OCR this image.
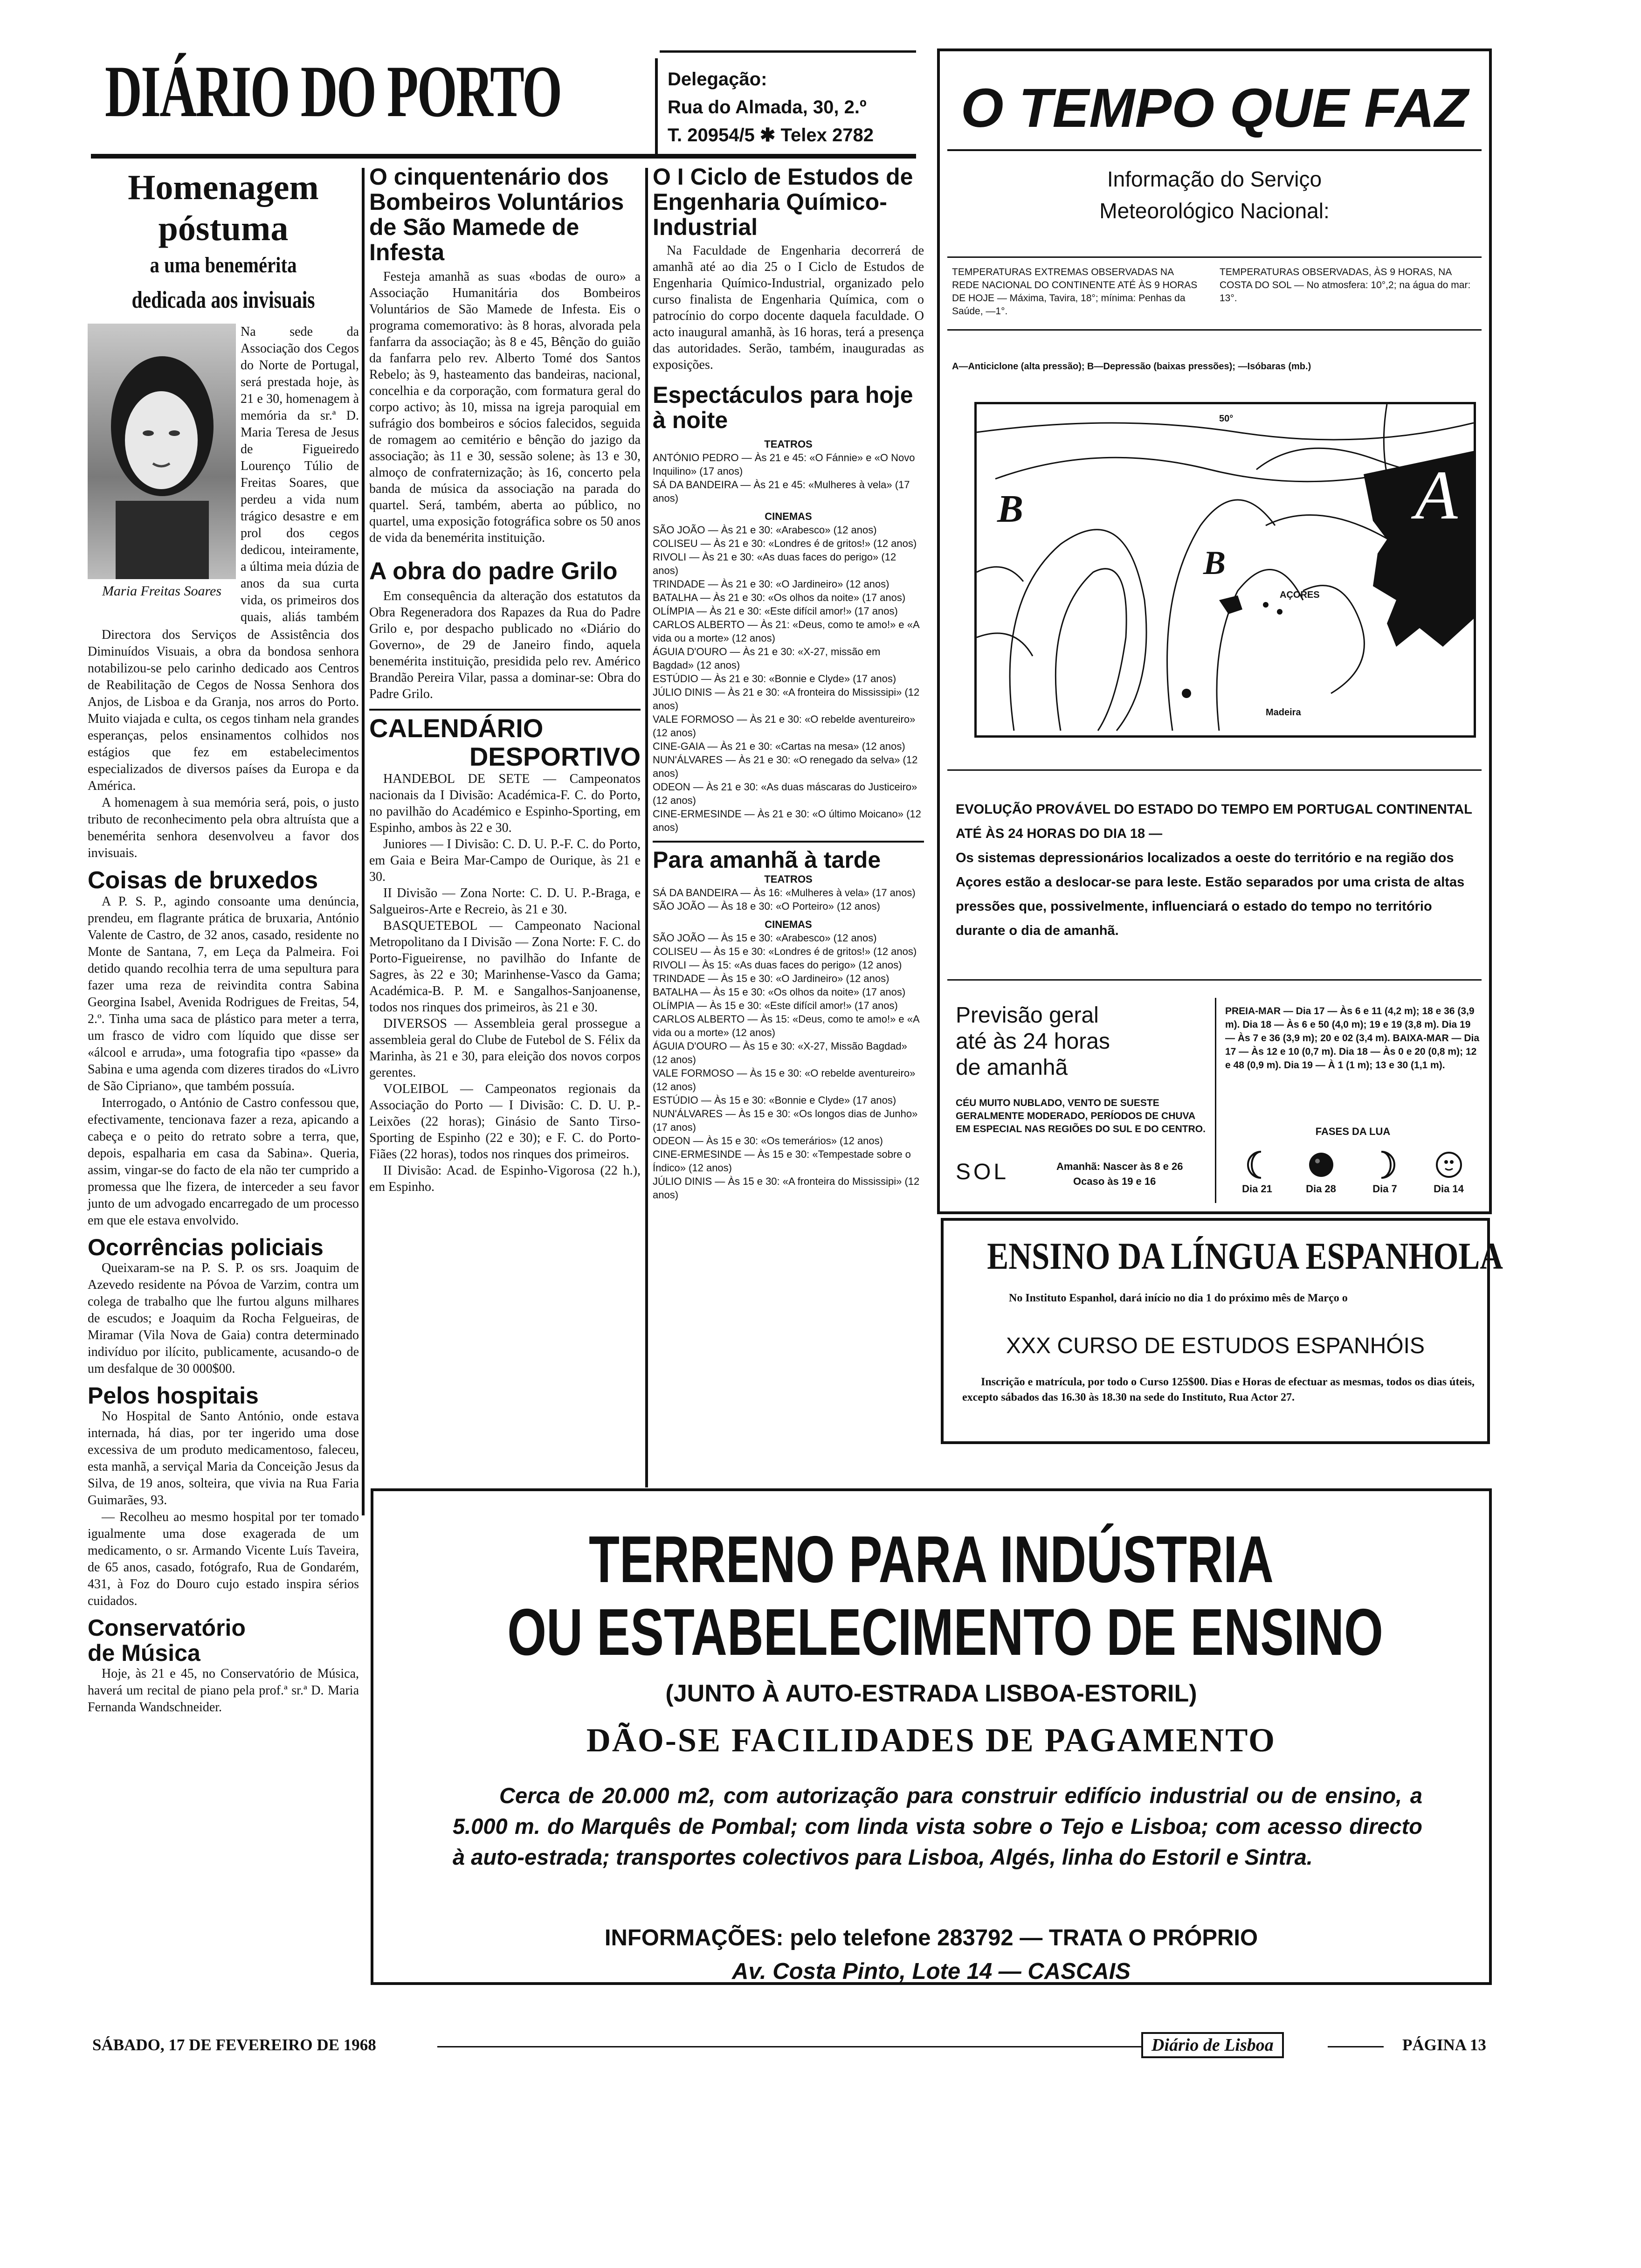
DIÁRIO DO PORTO	Delegação:
Rua do Almada, 30, 2.º
T. 20954/5 ✱ Telex 2782
Homenagem
póstuma
a uma benemérita
dedicada aos invisuais
Maria Freitas Soares

Na sede da Associação dos Cegos do Norte de Portugal, será prestada hoje, às 21 e 30, homenagem à memória da sr.ª D. Maria Teresa de Jesus de Figueiredo Lourenço Túlio de Freitas Soares, que perdeu a vida num trágico desastre e em prol dos cegos dedicou, inteiramente, a última meia dúzia de anos da sua curta vida, os primeiros dos quais, aliás também

Directora dos Serviços de Assistência dos Diminuídos Visuais, a obra da bondosa senhora notabilizou-se pelo carinho dedicado aos Centros de Reabilitação de Cegos de Nossa Senhora dos Anjos, de Lisboa e da Granja, nos arros do Porto. Muito viajada e culta, os cegos tinham nela grandes esperanças, pelos ensinamentos colhidos nos estágios que fez em estabelecimentos especializados de diversos países da Europa e da América.

A homenagem à sua memória será, pois, o justo tributo de reconhecimento pela obra altruísta que a benemérita senhora desenvolveu a favor dos invisuais.

Coisas de bruxedos

A P. S. P., agindo consoante uma denúncia, prendeu, em flagrante prática de bruxaria, António Valente de Castro, de 32 anos, casado, residente no Monte de Santana, 7, em Leça da Palmeira. Foi detido quando recolhia terra de uma sepultura para fazer uma reza de reivindita contra Sabina Georgina Isabel, Avenida Rodrigues de Freitas, 54, 2.º. Tinha uma saca de plástico para meter a terra, um frasco de vidro com líquido que disse ser «álcool e arruda», uma fotografia tipo «passe» da Sabina e uma agenda com dizeres tirados do «Livro de São Cipriano», que também possuía.

Interrogado, o António de Castro confessou que, efectivamente, tencionava fazer a reza, apicando a cabeça e o peito do retrato sobre a terra, que, depois, espalharia em casa da Sabina». Queria, assim, vingar-se do facto de ela não ter cumprido a promessa que lhe fizera, de interceder a seu favor junto de um advogado encarregado de um processo em que ele estava envolvido.

Ocorrências policiais

Queixaram-se na P. S. P. os srs. Joaquim de Azevedo residente na Póvoa de Varzim, contra um colega de trabalho que lhe furtou alguns milhares de escudos; e Joaquim da Rocha Felgueiras, de Miramar (Vila Nova de Gaia) contra determinado indivíduo por ilícito, publicamente, acusando-o de um desfalque de 30 000$00.

Pelos hospitais

No Hospital de Santo António, onde estava internada, há dias, por ter ingerido uma dose excessiva de um produto medicamentoso, faleceu, esta manhã, a serviçal Maria da Conceição Jesus da Silva, de 19 anos, solteira, que vivia na Rua Faria Guimarães, 93.

— Recolheu ao mesmo hospital por ter tomado igualmente uma dose exagerada de um medicamento, o sr. Armando Vicente Luís Taveira, de 65 anos, casado, fotógrafo, Rua de Gondarém, 431, à Foz do Douro cujo estado inspira sérios cuidados.

Conservatório
de Música

Hoje, às 21 e 45, no Conservatório de Música, haverá um recital de piano pela prof.ª sr.ª D. Maria Fernanda Wandschneider.

O cinquentenário dos Bombeiros Voluntários de São Mamede de Infesta

Festeja amanhã as suas «bodas de ouro» a Associação Humanitária dos Bombeiros Voluntários de São Mamede de Infesta. Eis o programa comemorativo: às 8 horas, alvorada pela fanfarra da associação; às 8 e 45, Bênção do guião da fanfarra pelo rev. Alberto Tomé dos Santos Rebelo; às 9, hasteamento das bandeiras, nacional, concelhia e da corporação, com formatura geral do corpo activo; às 10, missa na igreja paroquial em sufrágio dos bombeiros e sócios falecidos, seguida de romagem ao cemitério e bênção do jazigo da associação; às 11 e 30, sessão solene; às 13 e 30, almoço de confraternização; às 16, concerto pela banda de música da associação na parada do quartel. Será, também, aberta ao público, no quartel, uma exposição fotográfica sobre os 50 anos de vida da benemérita instituição.

A obra do padre Grilo

Em consequência da alteração dos estatutos da Obra Regeneradora dos Rapazes da Rua do Padre Grilo e, por despacho publicado no «Diário do Governo», de 29 de Janeiro findo, aquela benemérita instituição, presidida pelo rev. Américo Brandão Pereira Vilar, passa a dominar-se: Obra do Padre Grilo.

CALENDÁRIO
DESPORTIVO

HANDEBOL DE SETE — Campeonatos nacionais da I Divisão: Académica-F. C. do Porto, no pavilhão do Académico e Espinho-Sporting, em Espinho, ambos às 22 e 30.

Juniores — I Divisão: C. D. U. P.-F. C. do Porto, em Gaia e Beira Mar-Campo de Ourique, às 21 e 30.

II Divisão — Zona Norte: C. D. U. P.-Braga, e Salgueiros-Arte e Recreio, às 21 e 30.

BASQUETEBOL — Campeonato Nacional Metropolitano da I Divisão — Zona Norte: F. C. do Porto-Figueirense, no pavilhão do Infante de Sagres, às 22 e 30; Marinhense-Vasco da Gama; Académica-B. P. M. e Sangalhos-Sanjoanense, todos nos rinques dos primeiros, às 21 e 30.

DIVERSOS — Assembleia geral prossegue a assembleia geral do Clube de Futebol de S. Félix da Marinha, às 21 e 30, para eleição dos novos corpos gerentes.

VOLEIBOL — Campeonatos regionais da Associação do Porto — I Divisão: C. D. U. P.-Leixões (22 horas); Ginásio de Santo Tirso-Sporting de Espinho (22 e 30); e F. C. do Porto-Fiães (22 horas), todos nos rinques dos primeiros.

II Divisão: Acad. de Espinho-Vigorosa (22 h.), em Espinho.

O I Ciclo de Estudos de Engenharia Químico-Industrial

Na Faculdade de Engenharia decorrerá de amanhã até ao dia 25 o I Ciclo de Estudos de Engenharia Químico-Industrial, organizado pelo curso finalista de Engenharia Química, com o patrocínio do corpo docente daquela faculdade. O acto inaugural amanhã, às 16 horas, terá a presença das autoridades. Serão, também, inauguradas as exposições.

Espectáculos para hoje à noite
TEATROS

ANTÓNIO PEDRO — Às 21 e 45: «O Fánnie» e «O Novo Inquilino» (17 anos)

SÁ DA BANDEIRA — Às 21 e 45: «Mulheres à vela» (17 anos)

CINEMAS

SÃO JOÃO — Às 21 e 30: «Arabesco» (12 anos)

COLISEU — Às 21 e 30: «Londres é de gritos!» (12 anos)

RIVOLI — Às 21 e 30: «As duas faces do perigo» (12 anos)

TRINDADE — Às 21 e 30: «O Jardineiro» (12 anos)

BATALHA — Às 21 e 30: «Os olhos da noite» (17 anos)

OLÍMPIA — Às 21 e 30: «Este difícil amor!» (17 anos)

CARLOS ALBERTO — Às 21: «Deus, como te amo!» e «A vida ou a morte» (12 anos)

ÁGUIA D'OURO — Às 21 e 30: «X-27, missão em Bagdad» (12 anos)

ESTÚDIO — Às 21 e 30: «Bonnie e Clyde» (17 anos)

JÚLIO DINIS — Às 21 e 30: «A fronteira do Mississipi» (12 anos)

VALE FORMOSO — Às 21 e 30: «O rebelde aventureiro» (12 anos)

CINE-GAIA — Às 21 e 30: «Cartas na mesa» (12 anos)

NUN'ÁLVARES — Às 21 e 30: «O renegado da selva» (12 anos)

ODEON — Às 21 e 30: «As duas máscaras do Justiceiro» (12 anos)

CINE-ERMESINDE — Às 21 e 30: «O último Moicano» (12 anos)

Para amanhã à tarde
TEATROS

SÁ DA BANDEIRA — Às 16: «Mulheres à vela» (17 anos)

SÃO JOÃO — Às 18 e 30: «O Porteiro» (12 anos)

CINEMAS

SÃO JOÃO — Às 15 e 30: «Arabesco» (12 anos)

COLISEU — Às 15 e 30: «Londres é de gritos!» (12 anos)

RIVOLI — Às 15: «As duas faces do perigo» (12 anos)

TRINDADE — Às 15 e 30: «O Jardineiro» (12 anos)

BATALHA — Às 15 e 30: «Os olhos da noite» (17 anos)

OLÍMPIA — Às 15 e 30: «Este difícil amor!» (17 anos)

CARLOS ALBERTO — Às 15: «Deus, como te amo!» e «A vida ou a morte» (12 anos)

ÁGUIA D'OURO — Às 15 e 30: «X-27, Missão Bagdad» (12 anos)

VALE FORMOSO — Às 15 e 30: «O rebelde aventureiro» (12 anos)

ESTÚDIO — Às 15 e 30: «Bonnie e Clyde» (17 anos)

NUN'ÁLVARES — Às 15 e 30: «Os longos dias de Junho» (17 anos)

ODEON — Às 15 e 30: «Os temerários» (12 anos)

CINE-ERMESINDE — Às 15 e 30: «Tempestade sobre o Índico» (12 anos)

JÚLIO DINIS — Às 15 e 30: «A fronteira do Mississipi» (12 anos)

O TEMPO QUE FAZ
Informação do Serviço
Meteorológico Nacional:

TEMPERATURAS EXTREMAS OBSERVADAS NA REDE NACIONAL DO CONTINENTE ATÉ ÀS 9 HORAS DE HOJE — Máxima, Tavira, 18°; mínima: Penhas da Saúde, —1°.

TEMPERATURAS OBSERVADAS, ÀS 9 HORAS, NA COSTA DO SOL — No atmosfera: 10°,2; na água do mar: 13°.

A—Anticiclone (alta pressão); B—Depressão (baixas pressões); —Isóbaras (mb.)

A
B
B
AÇORES
Madeira
50°

EVOLUÇÃO PROVÁVEL DO ESTADO DO TEMPO EM PORTUGAL CONTINENTAL ATÉ ÀS 24 HORAS DO DIA 18 —

Os sistemas depressionários localizados a oeste do território e na região dos Açores estão a deslocar-se para leste. Estão separados por uma crista de altas pressões que, possivelmente, influenciará o estado do tempo no território durante o dia de amanhã.

Previsão geral até às 24 horas de amanhã

CÉU MUITO NUBLADO, VENTO DE SUESTE GERALMENTE MODERADO, PERÍODOS DE CHUVA EM ESPECIAL NAS REGIÕES DO SUL E DO CENTRO.

SOL	Amanhã: Nascer às 8 e 26
Ocaso às 19 e 16

PREIA-MAR — Dia 17 — Às 6 e 11 (4,2 m); 18 e 36 (3,9 m). Dia 18 — Às 6 e 50 (4,0 m); 19 e 19 (3,8 m). Dia 19 — Às 7 e 36 (3,9 m); 20 e 02 (3,4 m). BAIXA-MAR — Dia 17 — Às 12 e 10 (0,7 m). Dia 18 — Às 0 e 20 (0,8 m); 12 e 48 (0,9 m). Dia 19 — À 1 (1 m); 13 e 30 (1,1 m).

FASES DA LUA
Dia 21	Dia 28	Dia 7	Dia 14
ENSINO DA LÍNGUA ESPANHOLA

No Instituto Espanhol, dará início no dia 1 do próximo mês de Março o

XXX CURSO DE ESTUDOS ESPANHÓIS

Inscrição e matrícula, por todo o Curso 125$00. Dias e Horas de efectuar as mesmas, todos os dias úteis, excepto sábados das 16.30 às 18.30 na sede do Instituto, Rua Actor 27.

TERRENO PARA INDÚSTRIA
OU ESTABELECIMENTO DE ENSINO
(JUNTO À AUTO-ESTRADA LISBOA-ESTORIL)
DÃO-SE FACILIDADES DE PAGAMENTO

Cerca de 20.000 m2, com autorização para construir edifício industrial ou de ensino, a 5.000 m. do Marquês de Pombal; com linda vista sobre o Tejo e Lisboa; com acesso directo à auto-estrada; transportes colectivos para Lisboa, Algés, linha do Estoril e Sintra.

INFORMAÇÕES: pelo telefone 283792 — TRATA O PRÓPRIO
Av. Costa Pinto, Lote 14 — CASCAIS
SÁBADO, 17 DE FEVEREIRO DE 1968	Diário de Lisboa	PÁGINA 13
